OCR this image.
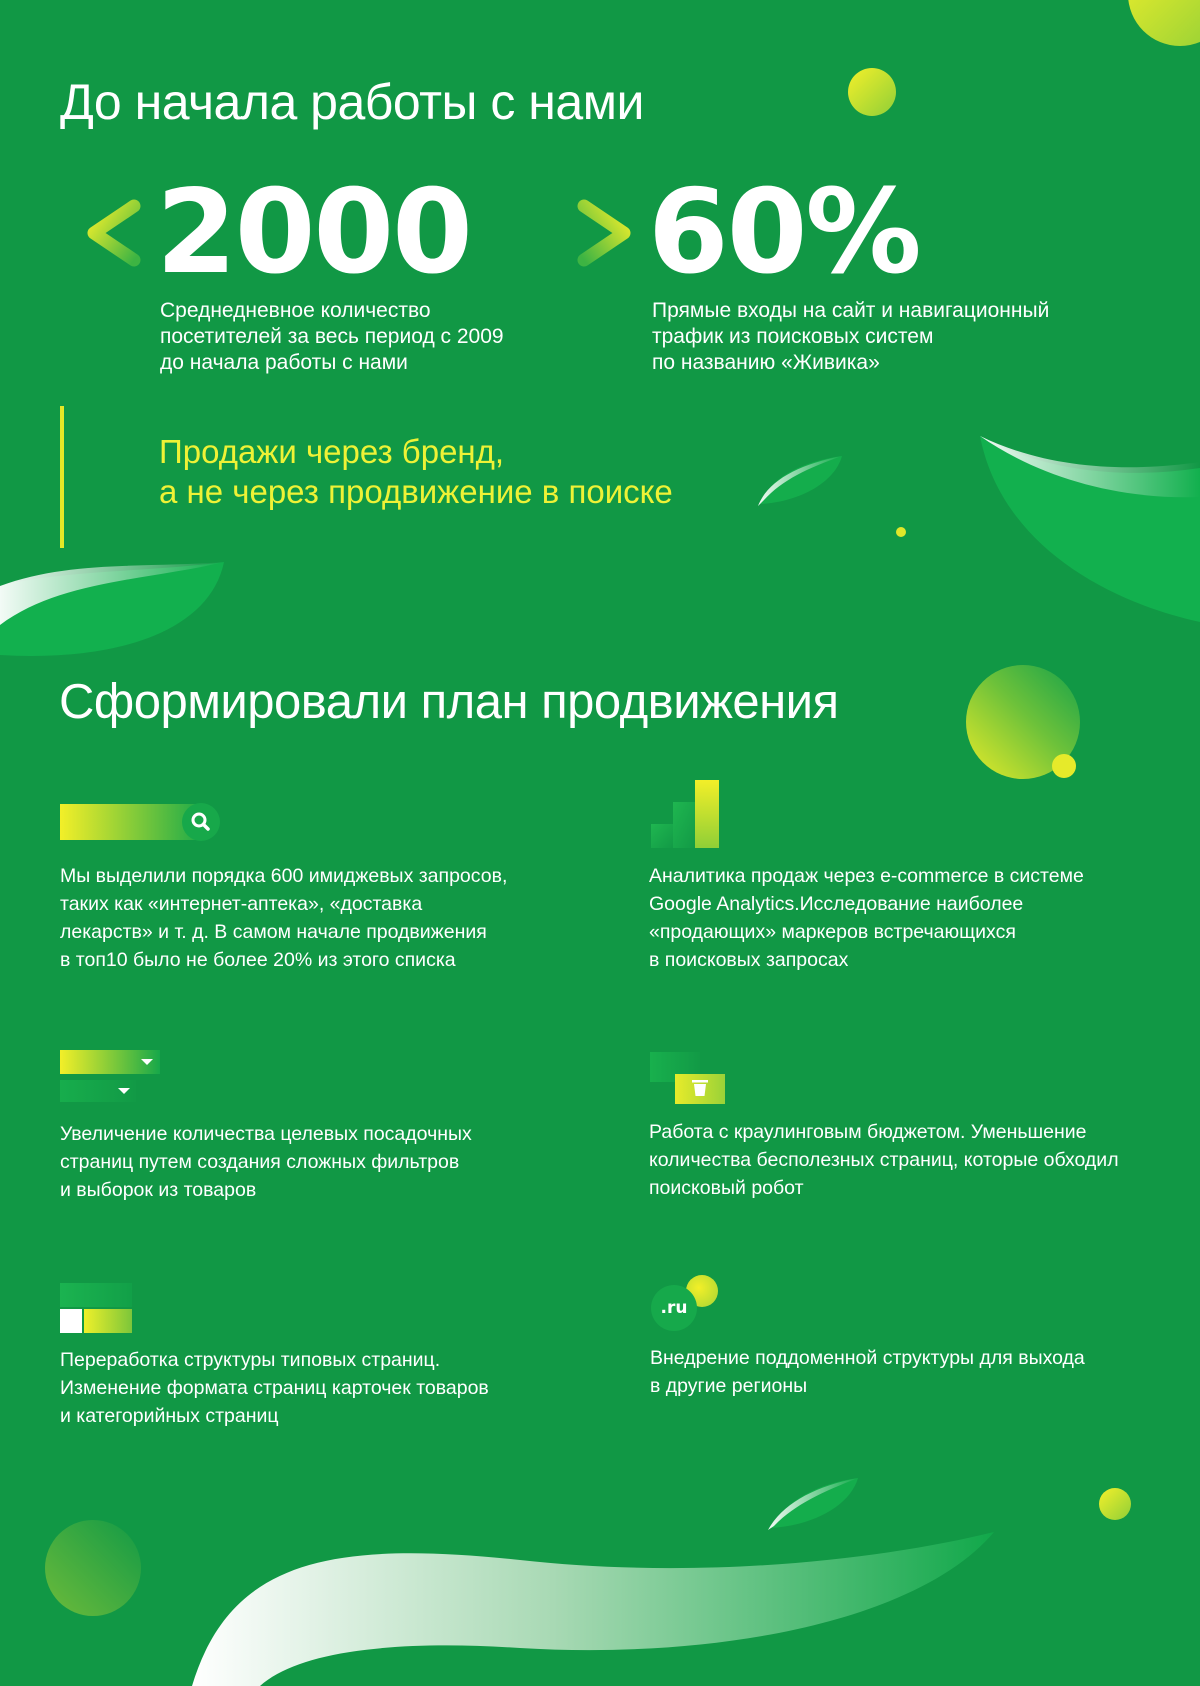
До начала работы с нами
2000

Среднедневное количество
посетителей за весь период с 2009
до начала работы с нами

60%

Прямые входы на сайт и навигационный
трафик из поисковых систем
по названию «Живика»

Продажи через бренд,
а не через продвижение в поиске

Сформировали план продвижения

Мы выделили порядка 600 имиджевых запросов,
таких как «интернет-аптека», «доставка
лекарств» и т. д. В самом начале продвижения
в топ10 было не более 20% из этого списка

Аналитика продаж через e-commerce в системе
Google Analytics.Исследование наиболее
«продающих» маркеров встречающихся
в поисковых запросах

Увеличение количества целевых посадочных
страниц путем создания сложных фильтров
и выборок из товаров

Работа с краулинговым бюджетом. Уменьшение
количества бесполезных страниц, которые обходил
поисковый робот

Переработка структуры типовых страниц.
Изменение формата страниц карточек товаров
и категорийных страниц

.ru

Внедрение поддоменной структуры для выхода
в другие регионы
